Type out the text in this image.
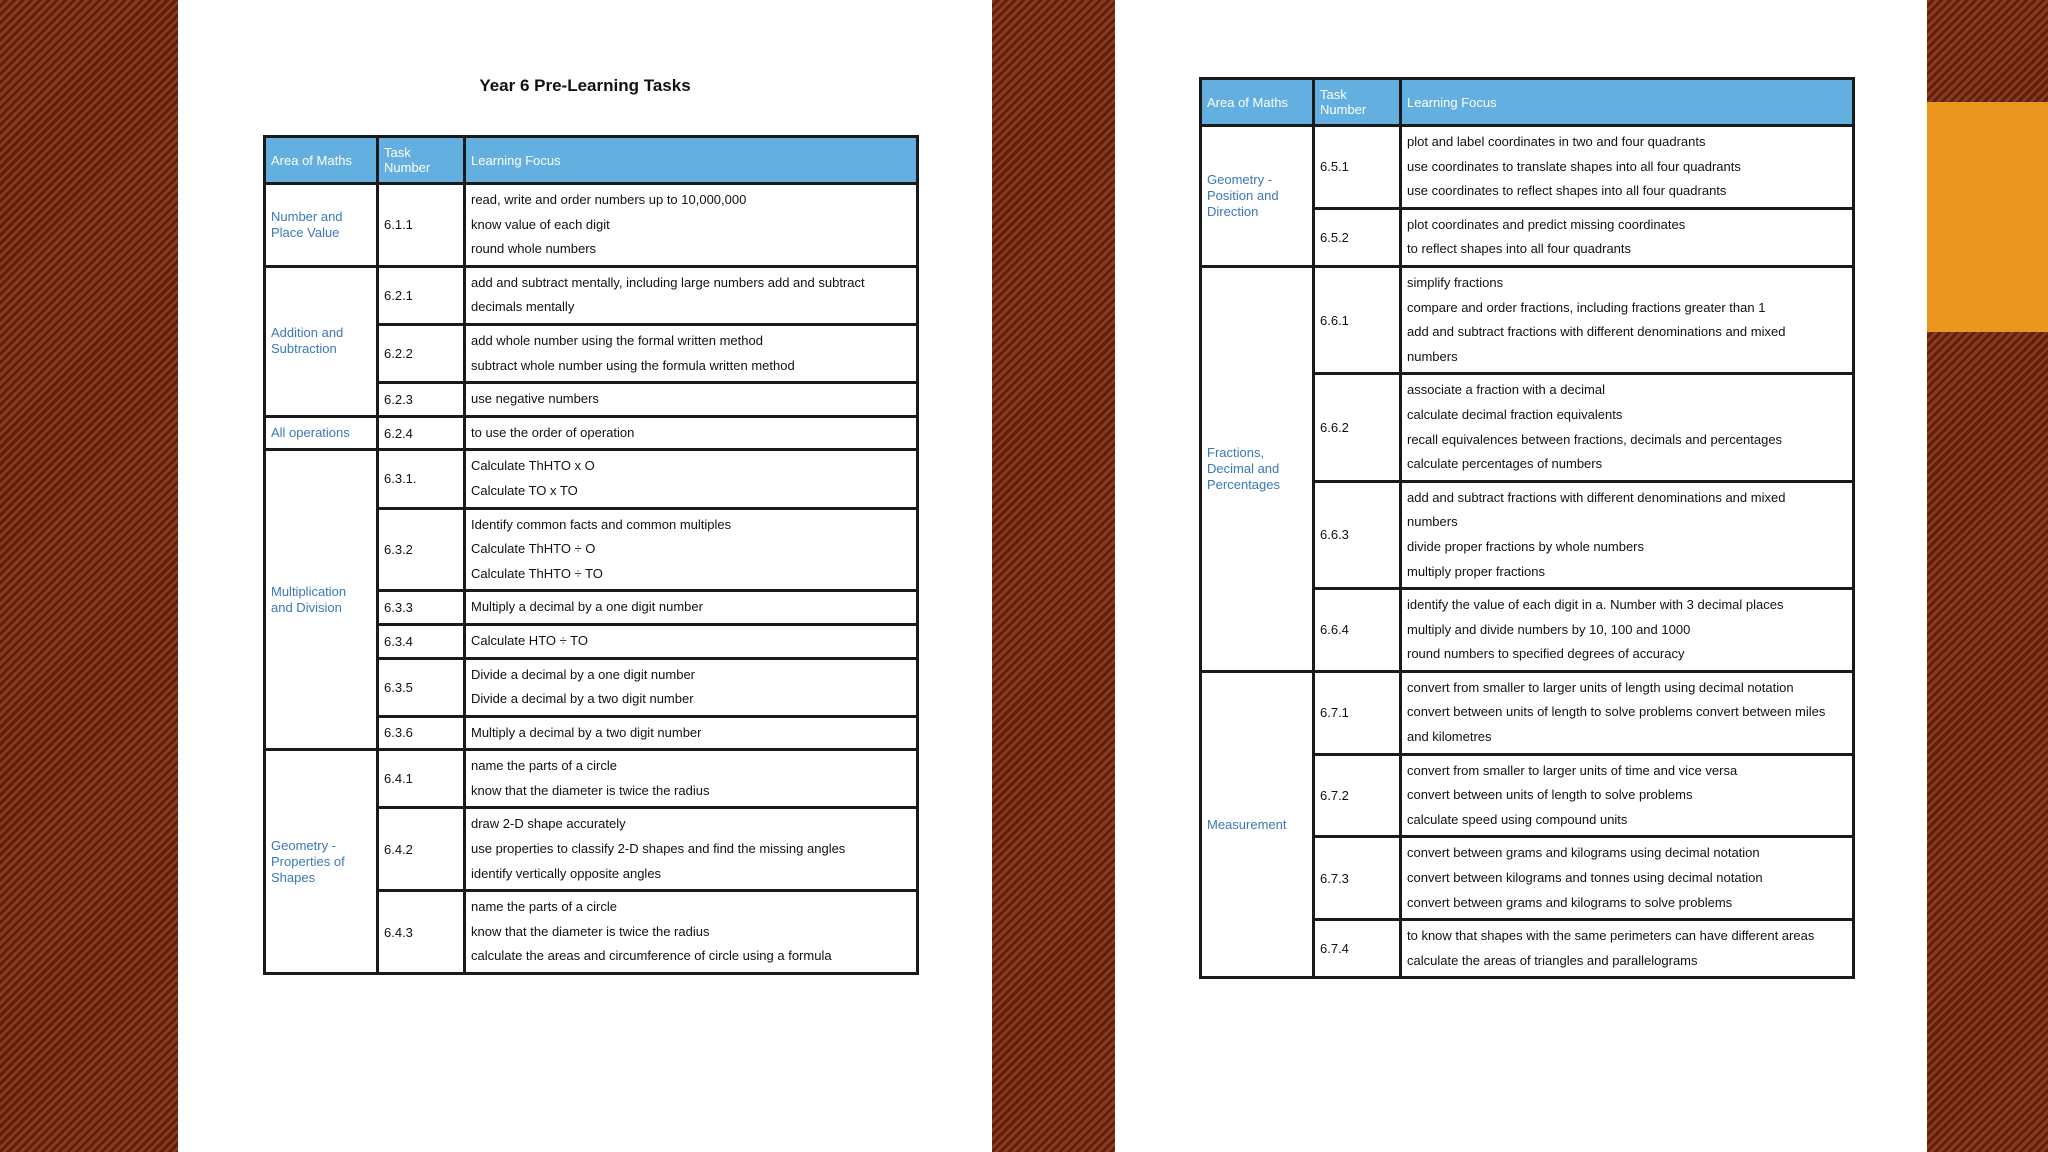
Year 6 Pre-Learning Tasks
Area of Maths	Task Number	Learning Focus
Number and Place Value	6.1.1	read, write and order numbers up to 10,000,000
know value of each digit
round whole numbers

Addition and Subtraction	6.2.1	add and subtract mentally, including large numbers add and subtract
decimals mentally

	6.2.2	add whole number using the formal written method
subtract whole number using the formula written method

	6.2.3	use negative numbers

All operations	6.2.4	to use the order of operation

Multiplication and Division	6.3.1.	Calculate ThHTO x O
Calculate TO x TO

	6.3.2	Identify common facts and common multiples
Calculate ThHTO ÷ O
Calculate ThHTO ÷ TO

	6.3.3	Multiply a decimal by a one digit number

	6.3.4	Calculate HTO ÷ TO

	6.3.5	Divide a decimal by a one digit number
Divide a decimal by a two digit number

	6.3.6	Multiply a decimal by a two digit number

Geometry - Properties of Shapes	6.4.1	name the parts of a circle
know that the diameter is twice the radius

	6.4.2	draw 2-D shape accurately
use properties to classify 2-D shapes and find the missing angles
identify vertically opposite angles

	6.4.3	name the parts of a circle
know that the diameter is twice the radius
calculate the areas and circumference of circle using a formula
Area of Maths	Task Number	Learning Focus
Geometry - Position and Direction	6.5.1	plot and label coordinates in two and four quadrants
use coordinates to translate shapes into all four quadrants
use coordinates to reflect shapes into all four quadrants

	6.5.2	plot coordinates and predict missing coordinates
to reflect shapes into all four quadrants

Fractions, Decimal and Percentages	6.6.1	simplify fractions
compare and order fractions, including fractions greater than 1
add and subtract fractions with different denominations and mixed
numbers

	6.6.2	associate a fraction with a decimal
calculate decimal fraction equivalents
recall equivalences between fractions, decimals and percentages
calculate percentages of numbers

	6.6.3	add and subtract fractions with different denominations and mixed
numbers
divide proper fractions by whole numbers
multiply proper fractions

	6.6.4	identify the value of each digit in a. Number with 3 decimal places
multiply and divide numbers by 10, 100 and 1000
round numbers to specified degrees of accuracy

Measurement	6.7.1	convert from smaller to larger units of length using decimal notation
convert between units of length to solve problems convert between miles
and kilometres

	6.7.2	convert from smaller to larger units of time and vice versa
convert between units of length to solve problems
calculate speed using compound units

	6.7.3	convert between grams and kilograms using decimal notation
convert between kilograms and tonnes using decimal notation
convert between grams and kilograms to solve problems

	6.7.4	to know that shapes with the same perimeters can have different areas
calculate the areas of triangles and parallelograms
